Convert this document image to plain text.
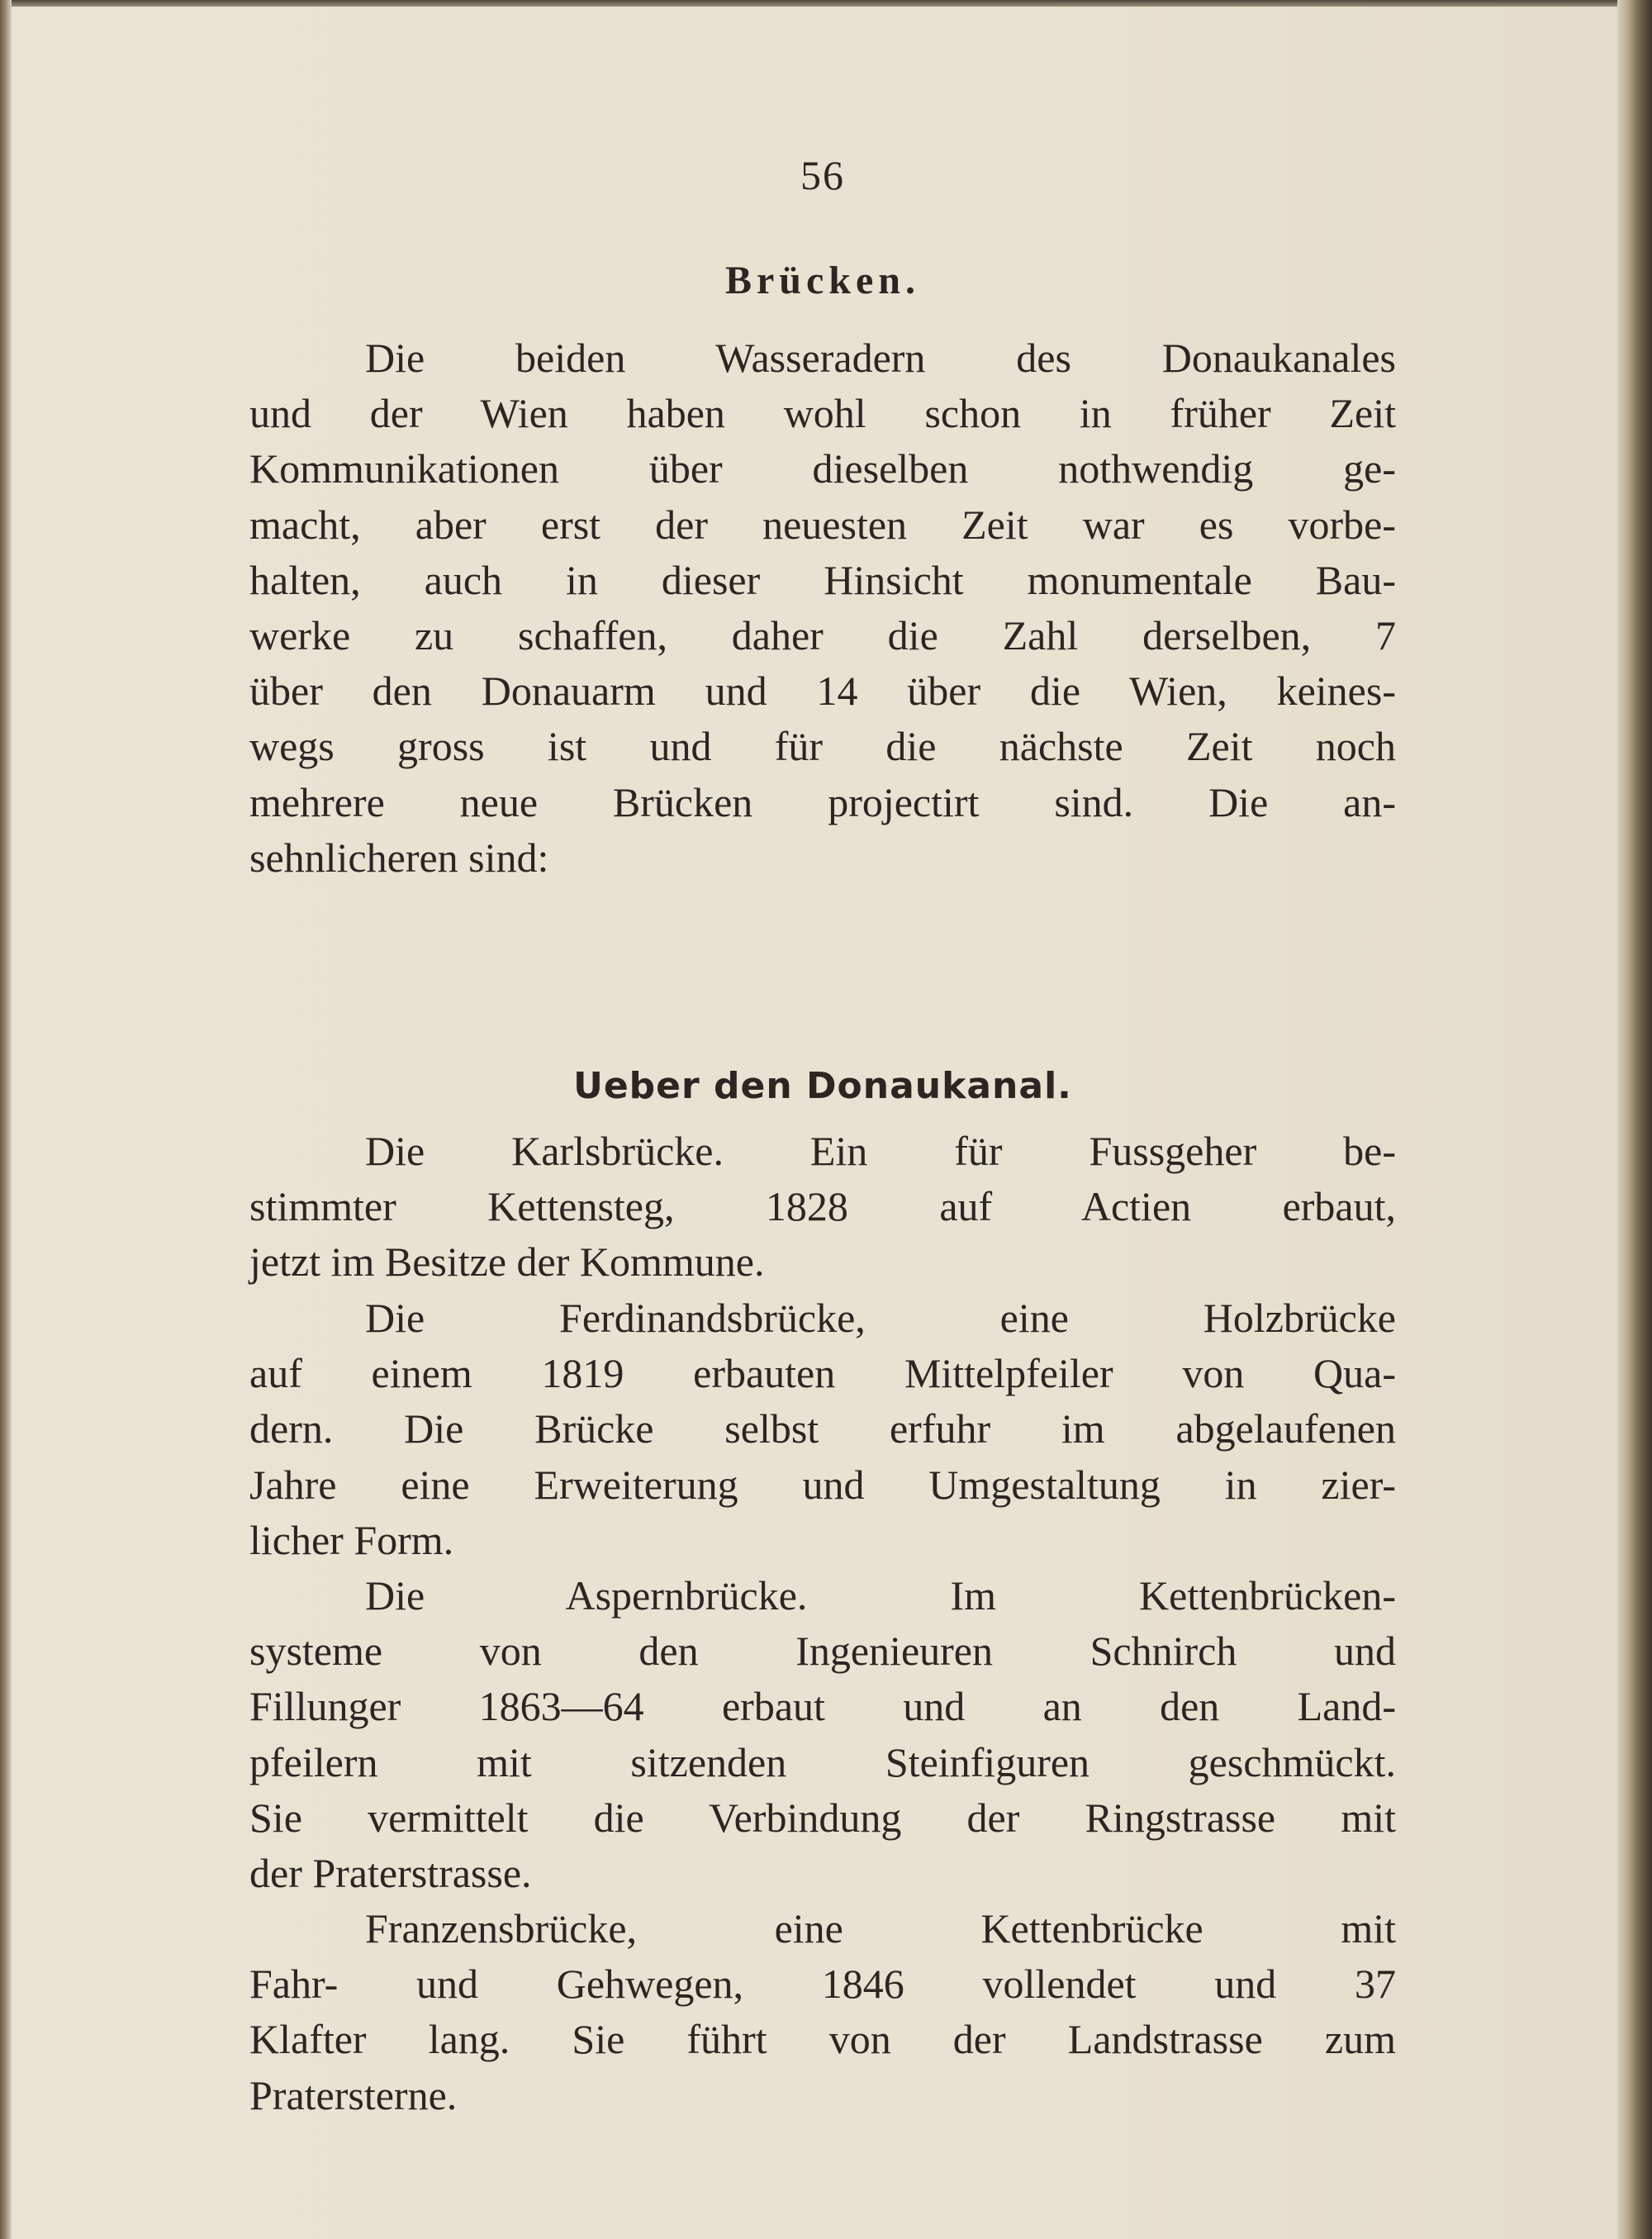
56
Brücken.
Die beiden Wasseradern des Donaukanales
und der Wien haben wohl schon in früher Zeit
Kommunikationen über dieselben nothwendig ge-
macht, aber erst der neuesten Zeit war es vorbe-
halten, auch in dieser Hinsicht monumentale Bau-
werke zu schaffen, daher die Zahl derselben, 7
über den Donauarm und 14 über die Wien, keines-
wegs gross ist und für die nächste Zeit noch
mehrere neue Brücken projectirt sind. Die an-
sehnlicheren sind:
Ueber den Donaukanal.
Die Karlsbrücke. Ein für Fussgeher be-
stimmter Kettensteg, 1828 auf Actien erbaut,
jetzt im Besitze der Kommune.
Die Ferdinandsbrücke, eine Holzbrücke
auf einem 1819 erbauten Mittelpfeiler von Qua-
dern. Die Brücke selbst erfuhr im abgelaufenen
Jahre eine Erweiterung und Umgestaltung in zier-
licher Form.
Die Aspernbrücke. Im Kettenbrücken-
systeme von den Ingenieuren Schnirch und
Fillunger 1863—64 erbaut und an den Land-
pfeilern mit sitzenden Steinfiguren geschmückt.
Sie vermittelt die Verbindung der Ringstrasse mit
der Praterstrasse.
Franzensbrücke, eine Kettenbrücke mit
Fahr- und Gehwegen, 1846 vollendet und 37
Klafter lang. Sie führt von der Landstrasse zum
Pratersterne.
